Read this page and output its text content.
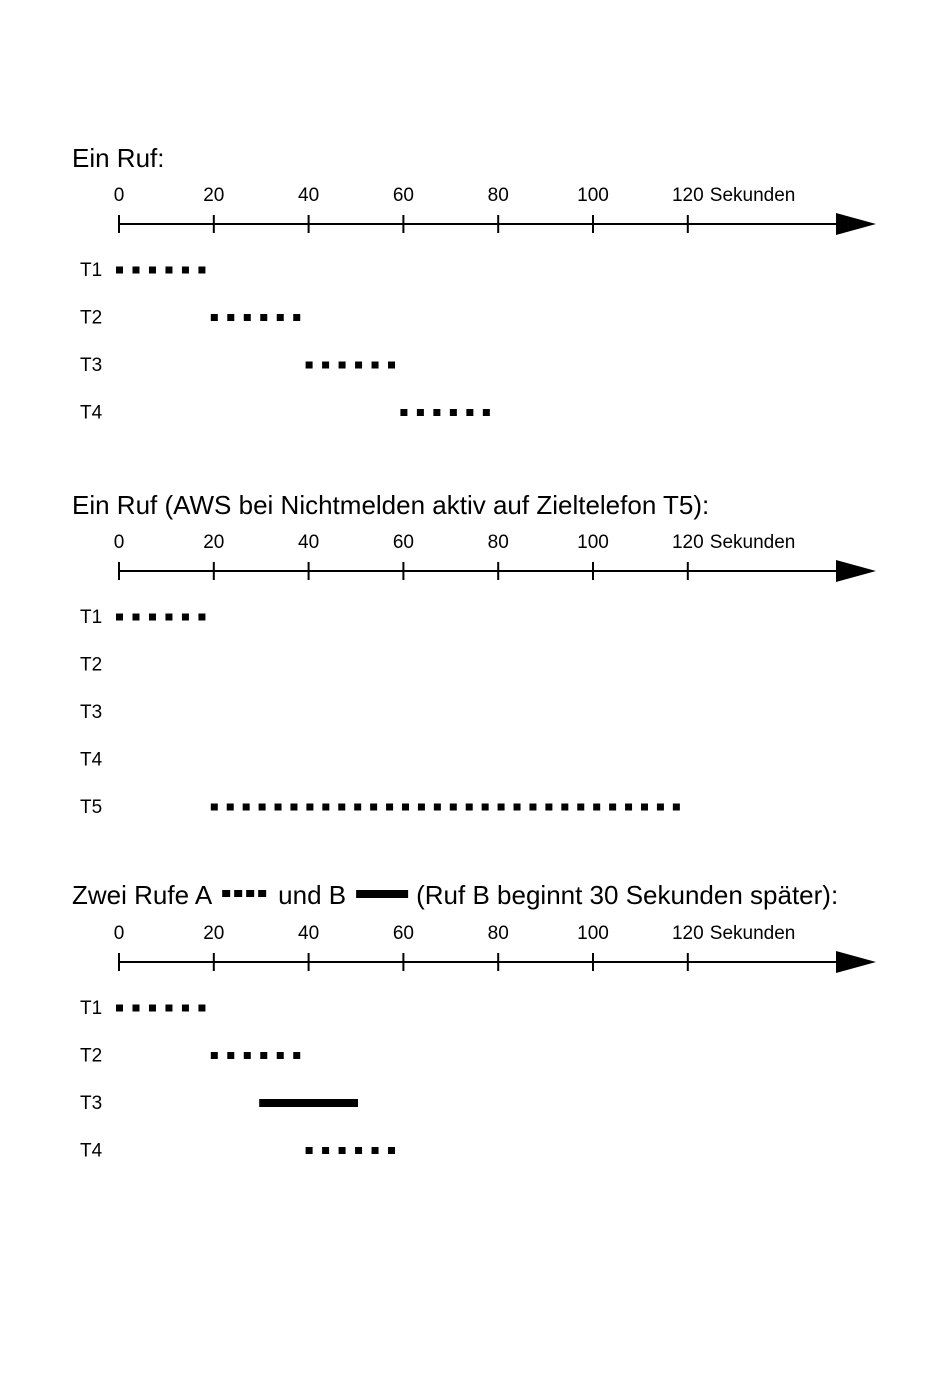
Ein Ruf:
0	20	40	60	80	100	120 Sekunden
T1
T2
T3
T4
Ein Ruf (AWS bei Nichtmelden aktiv auf Zieltelefon T5):
0	20	40	60	80	100	120 Sekunden
T1
T2
T3
T4
T5
Zwei Rufe A	und B	(Ruf B beginnt 30 Sekunden später):
0	20	40	60	80	100	120 Sekunden
T1
T2
T3
T4
